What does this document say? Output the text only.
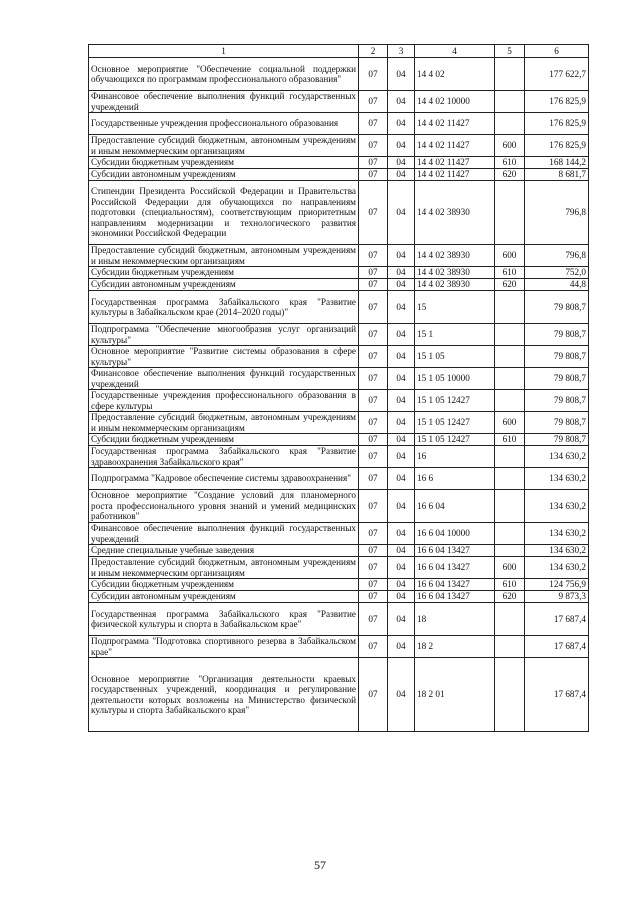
1	2	3	4	5	6
Основное мероприятие "Обеспечение социальной поддержки обучающихся по программам профессионального образования"	07	04	14 4 02		177 622,7
Финансовое обеспечение выполнения функций государственных учреждений	07	04	14 4 02 10000		176 825,9
Государственные учреждения профессионального образования	07	04	14 4 02 11427		176 825,9
Предоставление субсидий бюджетным, автономным учреждениям и иным некоммерческим организациям	07	04	14 4 02 11427	600	176 825,9
Субсидии бюджетным учреждениям	07	04	14 4 02 11427	610	168 144,2
Субсидии автономным учреждениям	07	04	14 4 02 11427	620	8 681,7
Стипендии Президента Российской Федерации и Правительства Российской Федерации для обучающихся по направлениям подготовки (специальностям), соответствующим приоритетным направлениям модернизации и технологического развития экономики Российской Федерации	07	04	14 4 02 38930		796,8
Предоставление субсидий бюджетным, автономным учреждениям и иным некоммерческим организациям	07	04	14 4 02 38930	600	796,8
Субсидии бюджетным учреждениям	07	04	14 4 02 38930	610	752,0
Субсидии автономным учреждениям	07	04	14 4 02 38930	620	44,8
Государственная программа Забайкальского края "Развитие культуры в Забайкальском крае (2014–2020 годы)"	07	04	15		79 808,7
Подпрограмма "Обеспечение многообразия услуг организаций культуры"	07	04	15 1		79 808,7
Основное мероприятие "Развитие системы образования в сфере культуры"	07	04	15 1 05		79 808,7
Финансовое обеспечение выполнения функций государственных учреждений	07	04	15 1 05 10000		79 808,7
Государственные учреждения профессионального образования в сфере культуры	07	04	15 1 05 12427		79 808,7
Предоставление субсидий бюджетным, автономным учреждениям и иным некоммерческим организациям	07	04	15 1 05 12427	600	79 808,7
Субсидии бюджетным учреждениям	07	04	15 1 05 12427	610	79 808,7
Государственная программа Забайкальского края "Развитие здравоохранения Забайкальского края"	07	04	16		134 630,2
Подпрограмма "Кадровое обеспечение системы здравоохранения"	07	04	16 6		134 630,2
Основное мероприятие "Создание условий для планомерного роста профессионального уровня знаний и умений медицинских работников"	07	04	16 6 04		134 630,2
Финансовое обеспечение выполнения функций государственных учреждений	07	04	16 6 04 10000		134 630,2
Средние специальные учебные заведения	07	04	16 6 04 13427		134 630,2
Предоставление субсидий бюджетным, автономным учреждениям и иным некоммерческим организациям	07	04	16 6 04 13427	600	134 630,2
Субсидии бюджетным учреждениям	07	04	16 6 04 13427	610	124 756,9
Субсидии автономным учреждениям	07	04	16 6 04 13427	620	9 873,3
Государственная программа Забайкальского края "Развитие физической культуры и спорта в Забайкальском крае"	07	04	18		17 687,4
Подпрограмма "Подготовка спортивного резерва в Забайкальском крае"	07	04	18 2		17 687,4
Основное мероприятие "Организация деятельности краевых государственных учреждений, координация и регулирование деятельности которых возложены на Министерство физической культуры и спорта Забайкальского края"	07	04	18 2 01		17 687,4
57
